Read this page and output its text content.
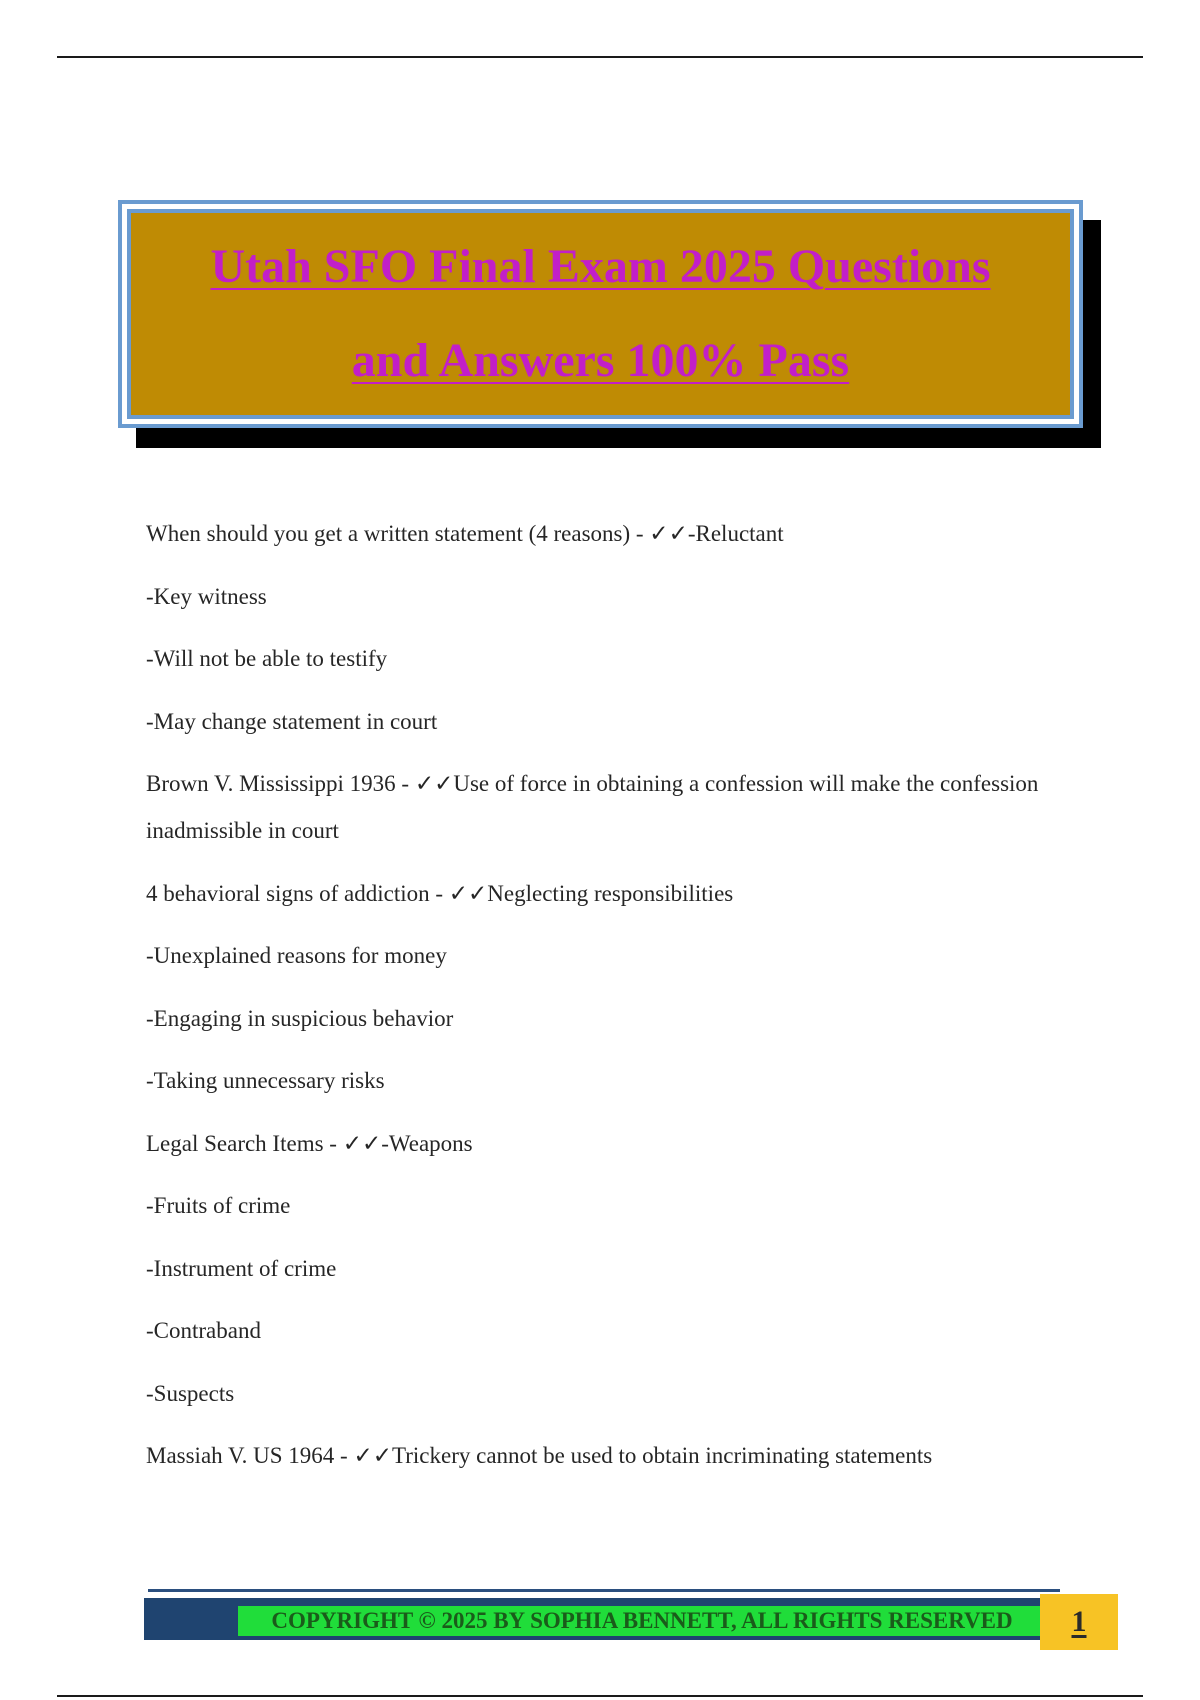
Utah SFO Final Exam 2025 Questions
and Answers 100% Pass

When should you get a written statement (4 reasons) - ✓✓-Reluctant

-Key witness

-Will not be able to testify

-May change statement in court

Brown V. Mississippi 1936 - ✓✓Use of force in obtaining a confession will make the confession inadmissible in court

4 behavioral signs of addiction - ✓✓Neglecting responsibilities

-Unexplained reasons for money

-Engaging in suspicious behavior

-Taking unnecessary risks

Legal Search Items - ✓✓-Weapons

-Fruits of crime

-Instrument of crime

-Contraband

-Suspects

Massiah V. US 1964 - ✓✓Trickery cannot be used to obtain incriminating statements

COPYRIGHT © 2025 BY SOPHIA BENNETT, ALL RIGHTS RESERVED	1
